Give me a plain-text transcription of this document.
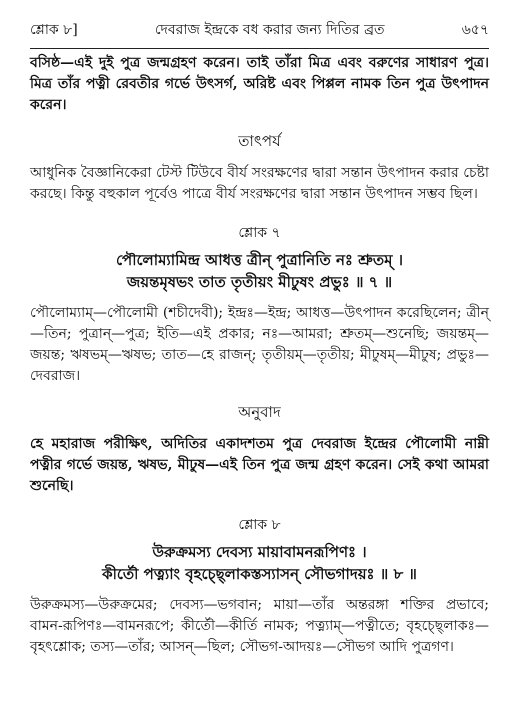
শ্লোক ৮]	দেবরাজ ইন্দ্রকে বধ করার জন্য দিতির ব্রত	৬৫৭

বসিষ্ঠ—এই দুই পুত্র জন্মগ্রহণ করেন। তাই তাঁরা মিত্র এবং বরুণের সাধারণ পুত্র। মিত্র তাঁর পত্নী রেবতীর গর্ভে উৎসর্গ, অরিষ্ট এবং পিপ্পল নামক তিন পুত্র উৎপাদন করেন।

তাৎপর্য

আধুনিক বৈজ্ঞানিকেরা টেস্ট টিউবে বীর্য সংরক্ষণের দ্বারা সন্তান উৎপাদন করার চেষ্টা করছে। কিন্তু বহুকাল পূর্বেও পাত্রে বীর্য সংরক্ষণের দ্বারা সন্তান উৎপাদন সম্ভব ছিল।

শ্লোক ৭
পৌলোম্যামিন্দ্র আধত্ত ত্রীন্ পুত্রানিতি নঃ শ্রুতম্ ।
জয়ন্তমৃষভং তাত তৃতীয়ং মীঢুষং প্রভুঃ ॥ ৭ ॥

পৌলোম্যাম্—পৌলোমী (শচীদেবী); ইন্দ্রঃ—ইন্দ্র; আধত্ত—উৎপাদন করেছিলেন; ত্রীন্—তিন; পুত্রান্—পুত্র; ইতি—এই প্রকার; নঃ—আমরা; শ্রুতম্—শুনেছি; জয়ন্তম্—জয়ন্ত; ঋষভম্—ঋষভ; তাত—হে রাজন্; তৃতীয়ম্—তৃতীয়; মীঢুষম্—মীঢুষ; প্রভুঃ—দেবরাজ।

অনুবাদ

হে মহারাজ পরীক্ষিৎ, অদিতির একাদশতম পুত্র দেবরাজ ইন্দ্রের পৌলোমী নাম্নী পত্নীর গর্ভে জয়ন্ত, ঋষভ, মীঢুষ—এই তিন পুত্র জন্ম গ্রহণ করেন। সেই কথা আমরা শুনেছি।

শ্লোক ৮
উরুক্রমস্য দেবস্য মায়াবামনরূপিণঃ ।
কীর্তৌ পত্ন্যাং বৃহচ্ছ্লোকস্তস্যাসন্ সৌভগাদয়ঃ ॥ ৮ ॥

উরুক্রমস্য—উরুক্রমের; দেবস্য—ভগবান; মায়া—তাঁর অন্তরঙ্গা শক্তির প্রভাবে; বামন-রূপিণঃ—বামনরূপে; কীর্তৌ—কীর্তি নামক; পত্ন্যাম্—পত্নীতে; বৃহচ্ছ্লোকঃ—বৃহৎশ্লোক; তস্য—তাঁর; আসন্—ছিল; সৌভগ-আদয়ঃ—সৌভগ আদি পুত্রগণ।
